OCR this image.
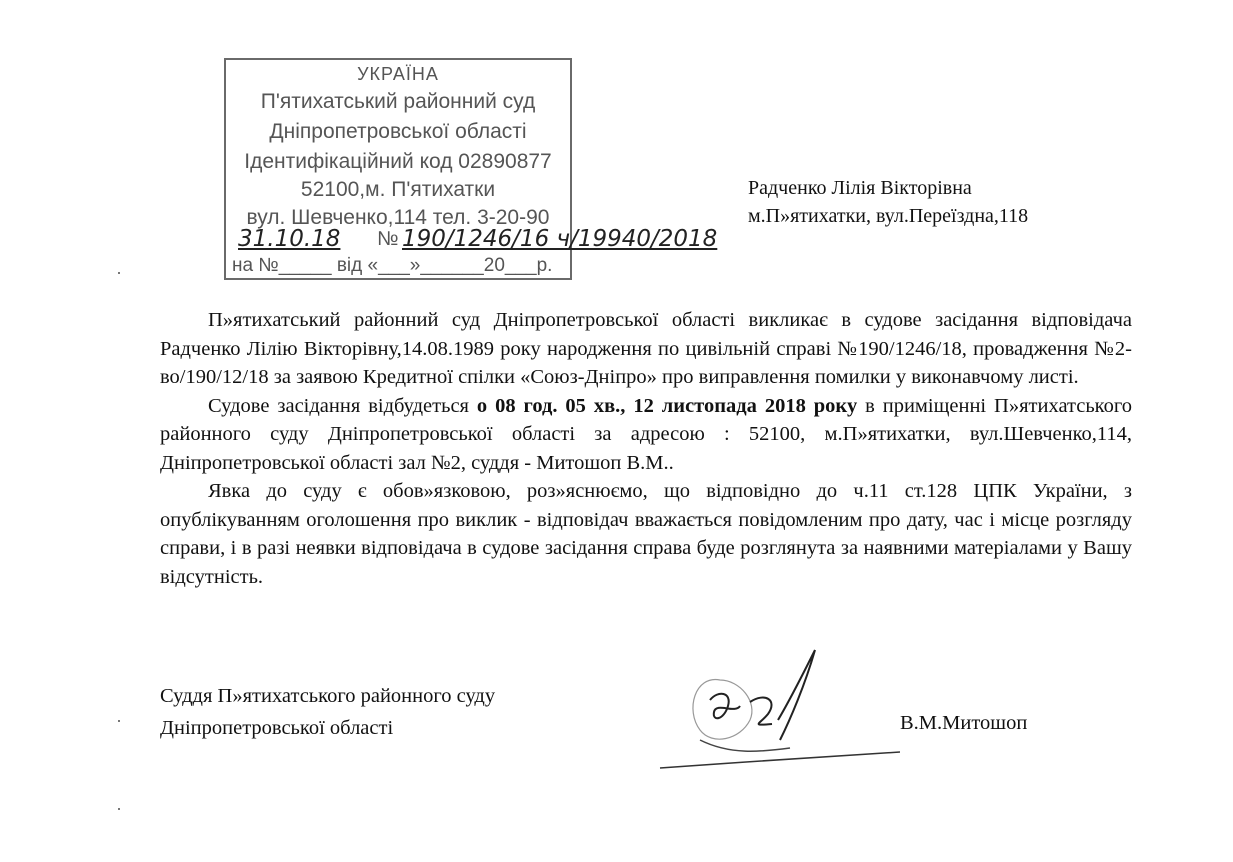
УКРАЇНА
П'ятихатський районний суд
Дніпропетровської області
Ідентифікаційний код 02890877
52100,м. П'ятихатки
вул. Шевченко,114 тел. 3-20-90
31.10.18 № 190/1246/16 ч/19940/2018
на №_____ від «___»______20___р.
Радченко Лілія Вікторівна
м.П»ятихатки, вул.Переїздна,118

П»ятихатський районний суд Дніпропетровської області викликає в судове засідання відповідача Радченко Лілію Вікторівну,14.08.1989 року народження по цивільній справі №190/1246/18, провадження №2-во/190/12/18 за заявою Кредитної спілки «Союз-Дніпро» про виправлення помилки у виконавчому листі.

Судове засідання відбудеться о 08 год. 05 хв., 12 листопада 2018 року в приміщенні П»ятихатського районного суду Дніпропетровської області за адресою : 52100, м.П»ятихатки, вул.Шевченко,114, Дніпропетровської області зал №2, суддя - Митошоп В.М..

Явка до суду є обов»язковою, роз»яснюємо, що відповідно до ч.11 ст.128 ЦПК України, з опублікуванням оголошення про виклик - відповідач вважається повідомленим про дату, час і місце розгляду справи, і в разі неявки відповідача в судове засідання справа буде розглянута за наявними матеріалами у Вашу відсутність.

Суддя П»ятихатського районного суду
Дніпропетровської області	В.М.Митошоп
